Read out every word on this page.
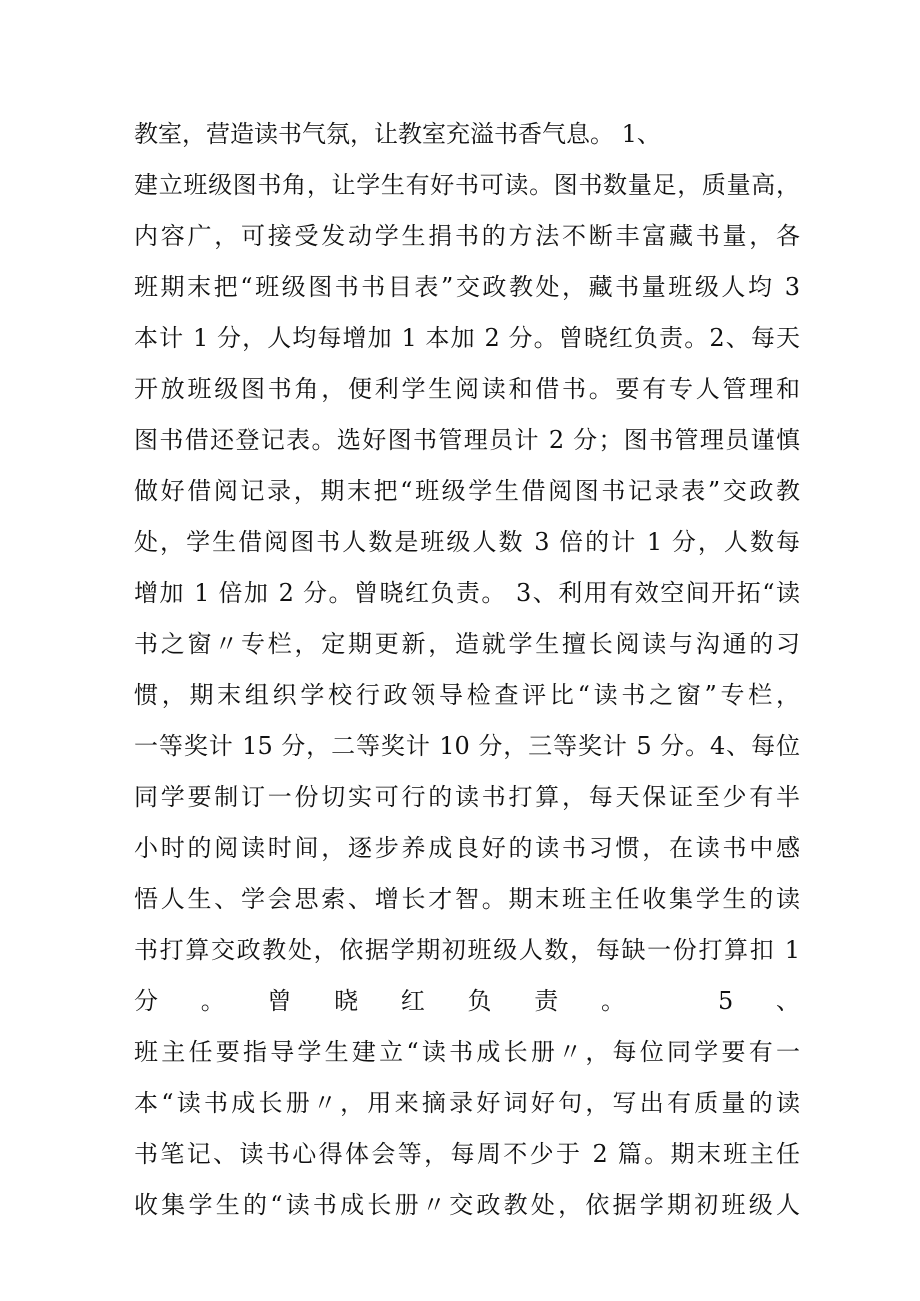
教室，营造读书气氛，让教室充溢书香气息。 1、
建立班级图书角，让学生有好书可读。图书数量足，质量高，
内容广，可接受发动学生捐书的方法不断丰富藏书量，各
班期末把“班级图书书目表”交政教处，藏书量班级人均 3
本计 1 分，人均每增加 1 本加 2 分。曾晓红负责。2、每天
开放班级图书角，便利学生阅读和借书。要有专人管理和
图书借还登记表。选好图书管理员计 2 分；图书管理员谨慎
做好借阅记录，期末把“班级学生借阅图书记录表”交政教
处，学生借阅图书人数是班级人数 3 倍的计 1 分，人数每
增加 1 倍加 2 分。曾晓红负责。 3、利用有效空间开拓“读
书之窗〃专栏，定期更新，造就学生擅长阅读与沟通的习
惯，期末组织学校行政领导检查评比“读书之窗”专栏，
一等奖计 15 分，二等奖计 10 分，三等奖计 5 分。4、每位
同学要制订一份切实可行的读书打算，每天保证至少有半
小时的阅读时间，逐步养成良好的读书习惯，在读书中感
悟人生、学会思索、增长才智。期末班主任收集学生的读
书打算交政教处，依据学期初班级人数，每缺一份打算扣 1
分。曾晓红负责。 5、
班主任要指导学生建立“读书成长册〃，每位同学要有一
本“读书成长册〃，用来摘录好词好句，写出有质量的读
书笔记、读书心得体会等，每周不少于 2 篇。期末班主任
收集学生的“读书成长册〃交政教处，依据学期初班级人
